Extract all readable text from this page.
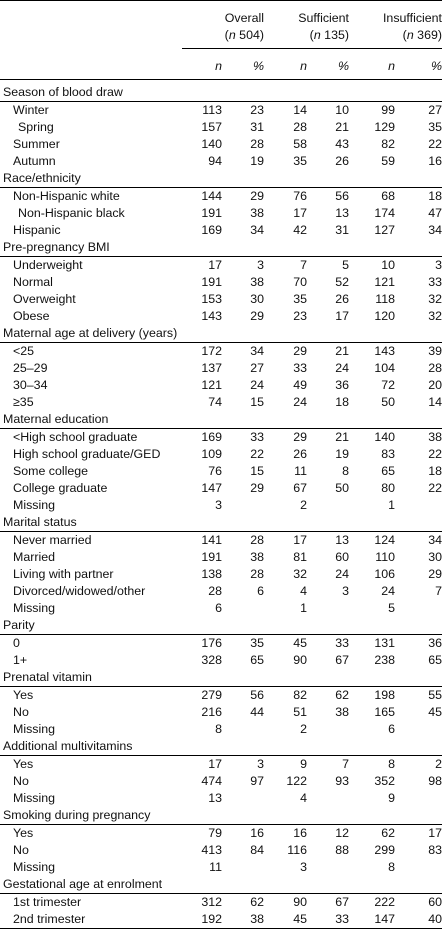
	Overall		Sufficient		Insufficient	
	(n 504)		(n 135)		(n 369)	

	n	%	n	%	n	%
Season of blood draw						
Winter	113	23	14	10	99	27
Spring	157	31	28	21	129	35
Summer	140	28	58	43	82	22
Autumn	94	19	35	26	59	16
Race/ethnicity						
Non-Hispanic white	144	29	76	56	68	18
Non-Hispanic black	191	38	17	13	174	47
Hispanic	169	34	42	31	127	34
Pre-pregnancy BMI						
Underweight	17	3	7	5	10	3
Normal	191	38	70	52	121	33
Overweight	153	30	35	26	118	32
Obese	143	29	23	17	120	32
Maternal age at delivery (years)						
<25	172	34	29	21	143	39
25–29	137	27	33	24	104	28
30–34	121	24	49	36	72	20
≥35	74	15	24	18	50	14
Maternal education						
<High school graduate	169	33	29	21	140	38
High school graduate/GED	109	22	26	19	83	22
Some college	76	15	11	8	65	18
College graduate	147	29	67	50	80	22
Missing	3		2		1	
Marital status						
Never married	141	28	17	13	124	34
Married	191	38	81	60	110	30
Living with partner	138	28	32	24	106	29
Divorced/widowed/other	28	6	4	3	24	7
Missing	6		1		5	
Parity						
0	176	35	45	33	131	36
1+	328	65	90	67	238	65
Prenatal vitamin						
Yes	279	56	82	62	198	55
No	216	44	51	38	165	45
Missing	8		2		6	
Additional multivitamins						
Yes	17	3	9	7	8	2
No	474	97	122	93	352	98
Missing	13		4		9	
Smoking during pregnancy						
Yes	79	16	16	12	62	17
No	413	84	116	88	299	83
Missing	11		3		8	
Gestational age at enrolment						
1st trimester	312	62	90	67	222	60
2nd trimester	192	38	45	33	147	40
